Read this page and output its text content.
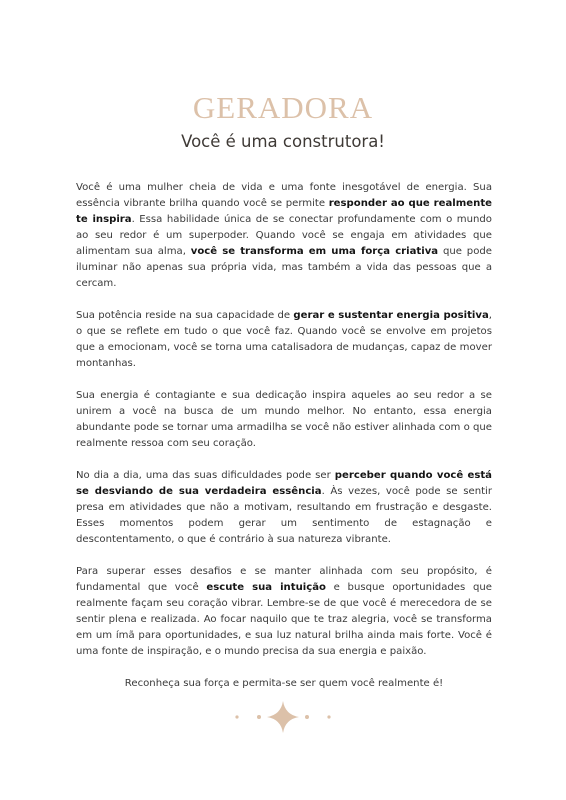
GERADORA
Você é uma construtora!

Você é uma mulher cheia de vida e uma fonte inesgotável de energia. Sua essência vibrante brilha quando você se permite responder ao que realmente te inspira. Essa habilidade única de se conectar profundamente com o mundo ao seu redor é um superpoder. Quando você se engaja em atividades que alimentam sua alma, você se transforma em uma força criativa que pode iluminar não apenas sua própria vida, mas também a vida das pessoas que a cercam.

Sua potência reside na sua capacidade de gerar e sustentar energia positiva, o que se reflete em tudo o que você faz. Quando você se envolve em projetos que a emocionam, você se torna uma catalisadora de mudanças, capaz de mover montanhas.

Sua energia é contagiante e sua dedicação inspira aqueles ao seu redor a se unirem a você na busca de um mundo melhor. No entanto, essa energia abundante pode se tornar uma armadilha se você não estiver alinhada com o que realmente ressoa com seu coração.

No dia a dia, uma das suas dificuldades pode ser perceber quando você está se desviando de sua verdadeira essência. Às vezes, você pode se sentir presa em atividades que não a motivam, resultando em frustração e desgaste. Esses momentos podem gerar um sentimento de estagnação e descontentamento, o que é contrário à sua natureza vibrante.

Para superar esses desafios e se manter alinhada com seu propósito, é fundamental que você escute sua intuição e busque oportunidades que realmente façam seu coração vibrar. Lembre-se de que você é merecedora de se sentir plena e realizada. Ao focar naquilo que te traz alegria, você se transforma em um ímã para oportunidades, e sua luz natural brilha ainda mais forte. Você é uma fonte de inspiração, e o mundo precisa da sua energia e paixão.

Reconheça sua força e permita-se ser quem você realmente é!
